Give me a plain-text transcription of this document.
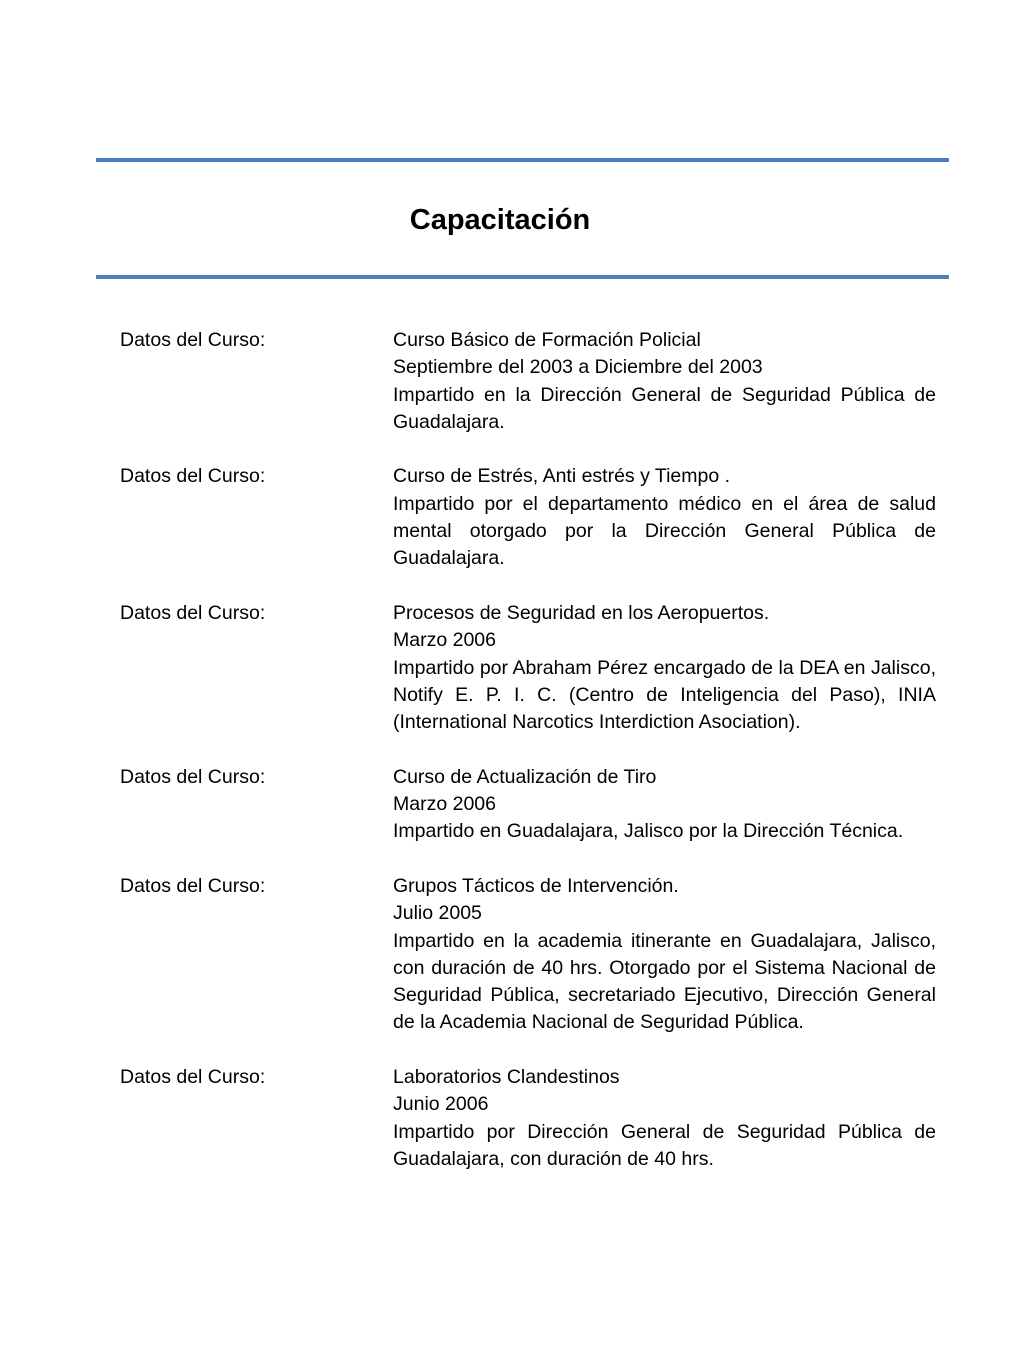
Capacitación
Datos del Curso:	Curso Básico de Formación Policial
Septiembre del 2003 a Diciembre del 2003
Impartido en la Dirección General de Seguridad Pública de Guadalajara.
Datos del Curso:	Curso de Estrés, Anti estrés y Tiempo .
Impartido por el departamento médico en el área de salud mental otorgado por la Dirección General Pública de Guadalajara.
Datos del Curso:	Procesos de Seguridad en los Aeropuertos.
Marzo 2006
Impartido por Abraham Pérez encargado de la DEA en Jalisco, Notify E. P. I. C. (Centro de Inteligencia del Paso), INIA (International Narcotics Interdiction Asociation).
Datos del Curso:	Curso de Actualización de Tiro
Marzo 2006
Impartido en Guadalajara, Jalisco por la Dirección Técnica.
Datos del Curso:	Grupos Tácticos de Intervención.
Julio 2005
Impartido en la academia itinerante en Guadalajara, Jalisco, con duración de 40 hrs. Otorgado por el Sistema Nacional de Seguridad Pública, secretariado Ejecutivo, Dirección General de la Academia Nacional de Seguridad Pública.
Datos del Curso:	Laboratorios Clandestinos
Junio 2006
Impartido por Dirección General de Seguridad Pública de Guadalajara, con duración de 40 hrs.
